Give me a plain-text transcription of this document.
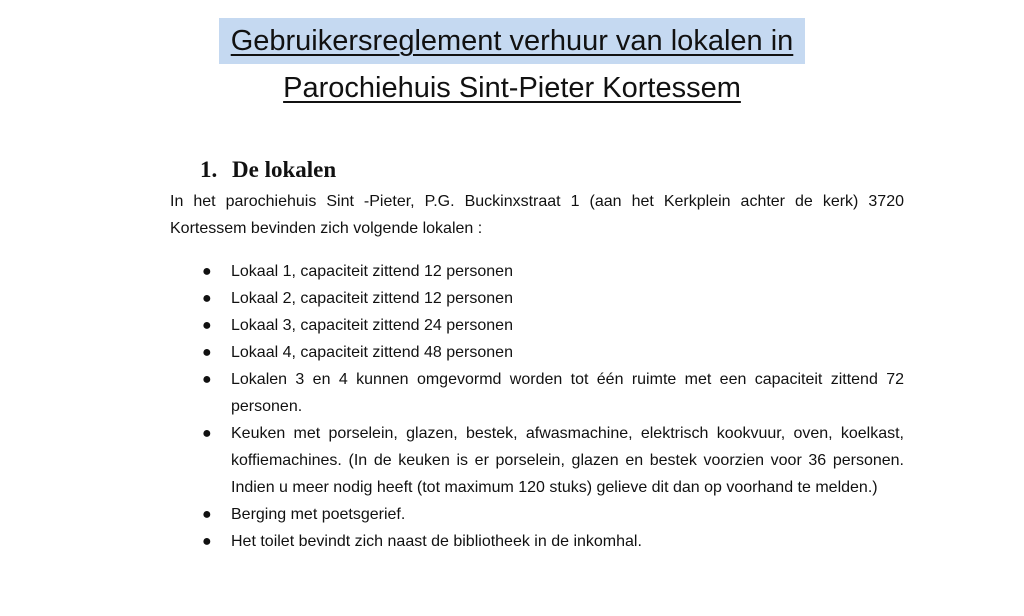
Gebruikersreglement verhuur van lokalen in
Parochiehuis Sint-Pieter Kortessem
1. De lokalen

In het parochiehuis Sint -Pieter, P.G. Buckinxstraat 1 (aan het Kerkplein achter de kerk) 3720 Kortessem bevinden zich volgende lokalen :

● Lokaal 1, capaciteit zittend 12 personen
● Lokaal 2, capaciteit zittend 12 personen
● Lokaal 3, capaciteit zittend 24 personen
● Lokaal 4, capaciteit zittend 48 personen
● Lokalen 3 en 4 kunnen omgevormd worden tot één ruimte met een capaciteit zittend 72 personen.
● Keuken met porselein, glazen, bestek, afwasmachine, elektrisch kookvuur, oven, koelkast, koffiemachines. (In de keuken is er porselein, glazen en bestek voorzien voor 36 personen. Indien u meer nodig heeft (tot maximum 120 stuks) gelieve dit dan op voorhand te melden.)
● Berging met poetsgerief.
● Het toilet bevindt zich naast de bibliotheek in de inkomhal.
